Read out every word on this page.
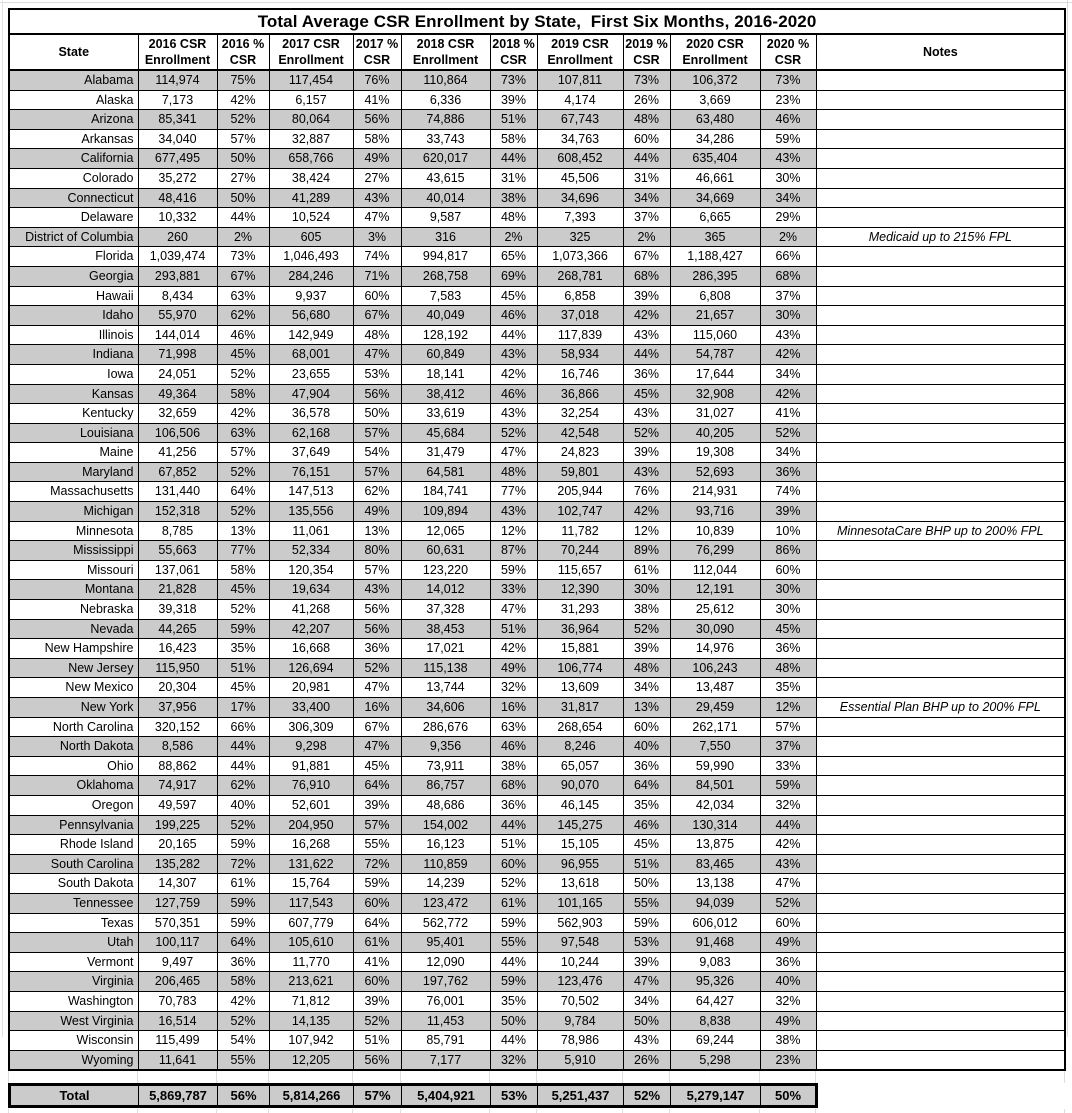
Total Average CSR Enrollment by State,  First Six Months, 2016-2020											
State	2016 CSR
Enrollment	2016 %
CSR	2017 CSR
Enrollment	2017 %
CSR	2018 CSR
Enrollment	2018 %
CSR	2019 CSR
Enrollment	2019 %
CSR	2020 CSR
Enrollment	2020 %
CSR	Notes
Alabama	114,974	75%	117,454	76%	110,864	73%	107,811	73%	106,372	73%	
Alaska	7,173	42%	6,157	41%	6,336	39%	4,174	26%	3,669	23%	
Arizona	85,341	52%	80,064	56%	74,886	51%	67,743	48%	63,480	46%	
Arkansas	34,040	57%	32,887	58%	33,743	58%	34,763	60%	34,286	59%	
California	677,495	50%	658,766	49%	620,017	44%	608,452	44%	635,404	43%	
Colorado	35,272	27%	38,424	27%	43,615	31%	45,506	31%	46,661	30%	
Connecticut	48,416	50%	41,289	43%	40,014	38%	34,696	34%	34,669	34%	
Delaware	10,332	44%	10,524	47%	9,587	48%	7,393	37%	6,665	29%	
District of Columbia	260	2%	605	3%	316	2%	325	2%	365	2%	Medicaid up to 215% FPL
Florida	1,039,474	73%	1,046,493	74%	994,817	65%	1,073,366	67%	1,188,427	66%	
Georgia	293,881	67%	284,246	71%	268,758	69%	268,781	68%	286,395	68%	
Hawaii	8,434	63%	9,937	60%	7,583	45%	6,858	39%	6,808	37%	
Idaho	55,970	62%	56,680	67%	40,049	46%	37,018	42%	21,657	30%	
Illinois	144,014	46%	142,949	48%	128,192	44%	117,839	43%	115,060	43%	
Indiana	71,998	45%	68,001	47%	60,849	43%	58,934	44%	54,787	42%	
Iowa	24,051	52%	23,655	53%	18,141	42%	16,746	36%	17,644	34%	
Kansas	49,364	58%	47,904	56%	38,412	46%	36,866	45%	32,908	42%	
Kentucky	32,659	42%	36,578	50%	33,619	43%	32,254	43%	31,027	41%	
Louisiana	106,506	63%	62,168	57%	45,684	52%	42,548	52%	40,205	52%	
Maine	41,256	57%	37,649	54%	31,479	47%	24,823	39%	19,308	34%	
Maryland	67,852	52%	76,151	57%	64,581	48%	59,801	43%	52,693	36%	
Massachusetts	131,440	64%	147,513	62%	184,741	77%	205,944	76%	214,931	74%	
Michigan	152,318	52%	135,556	49%	109,894	43%	102,747	42%	93,716	39%	
Minnesota	8,785	13%	11,061	13%	12,065	12%	11,782	12%	10,839	10%	MinnesotaCare BHP up to 200% FPL
Mississippi	55,663	77%	52,334	80%	60,631	87%	70,244	89%	76,299	86%	
Missouri	137,061	58%	120,354	57%	123,220	59%	115,657	61%	112,044	60%	
Montana	21,828	45%	19,634	43%	14,012	33%	12,390	30%	12,191	30%	
Nebraska	39,318	52%	41,268	56%	37,328	47%	31,293	38%	25,612	30%	
Nevada	44,265	59%	42,207	56%	38,453	51%	36,964	52%	30,090	45%	
New Hampshire	16,423	35%	16,668	36%	17,021	42%	15,881	39%	14,976	36%	
New Jersey	115,950	51%	126,694	52%	115,138	49%	106,774	48%	106,243	48%	
New Mexico	20,304	45%	20,981	47%	13,744	32%	13,609	34%	13,487	35%	
New York	37,956	17%	33,400	16%	34,606	16%	31,817	13%	29,459	12%	Essential Plan BHP up to 200% FPL
North Carolina	320,152	66%	306,309	67%	286,676	63%	268,654	60%	262,171	57%	
North Dakota	8,586	44%	9,298	47%	9,356	46%	8,246	40%	7,550	37%	
Ohio	88,862	44%	91,881	45%	73,911	38%	65,057	36%	59,990	33%	
Oklahoma	74,917	62%	76,910	64%	86,757	68%	90,070	64%	84,501	59%	
Oregon	49,597	40%	52,601	39%	48,686	36%	46,145	35%	42,034	32%	
Pennsylvania	199,225	52%	204,950	57%	154,002	44%	145,275	46%	130,314	44%	
Rhode Island	20,165	59%	16,268	55%	16,123	51%	15,105	45%	13,875	42%	
South Carolina	135,282	72%	131,622	72%	110,859	60%	96,955	51%	83,465	43%	
South Dakota	14,307	61%	15,764	59%	14,239	52%	13,618	50%	13,138	47%	
Tennessee	127,759	59%	117,543	60%	123,472	61%	101,165	55%	94,039	52%	
Texas	570,351	59%	607,779	64%	562,772	59%	562,903	59%	606,012	60%	
Utah	100,117	64%	105,610	61%	95,401	55%	97,548	53%	91,468	49%	
Vermont	9,497	36%	11,770	41%	12,090	44%	10,244	39%	9,083	36%	
Virginia	206,465	58%	213,621	60%	197,762	59%	123,476	47%	95,326	40%	
Washington	70,783	42%	71,812	39%	76,001	35%	70,502	34%	64,427	32%	
West Virginia	16,514	52%	14,135	52%	11,453	50%	9,784	50%	8,838	49%	
Wisconsin	115,499	54%	107,942	51%	85,791	44%	78,986	43%	69,244	38%	
Wyoming	11,641	55%	12,205	56%	7,177	32%	5,910	26%	5,298	23%	

Total	5,869,787	56%	5,814,266	57%	5,404,921	53%	5,251,437	52%	5,279,147	50%
